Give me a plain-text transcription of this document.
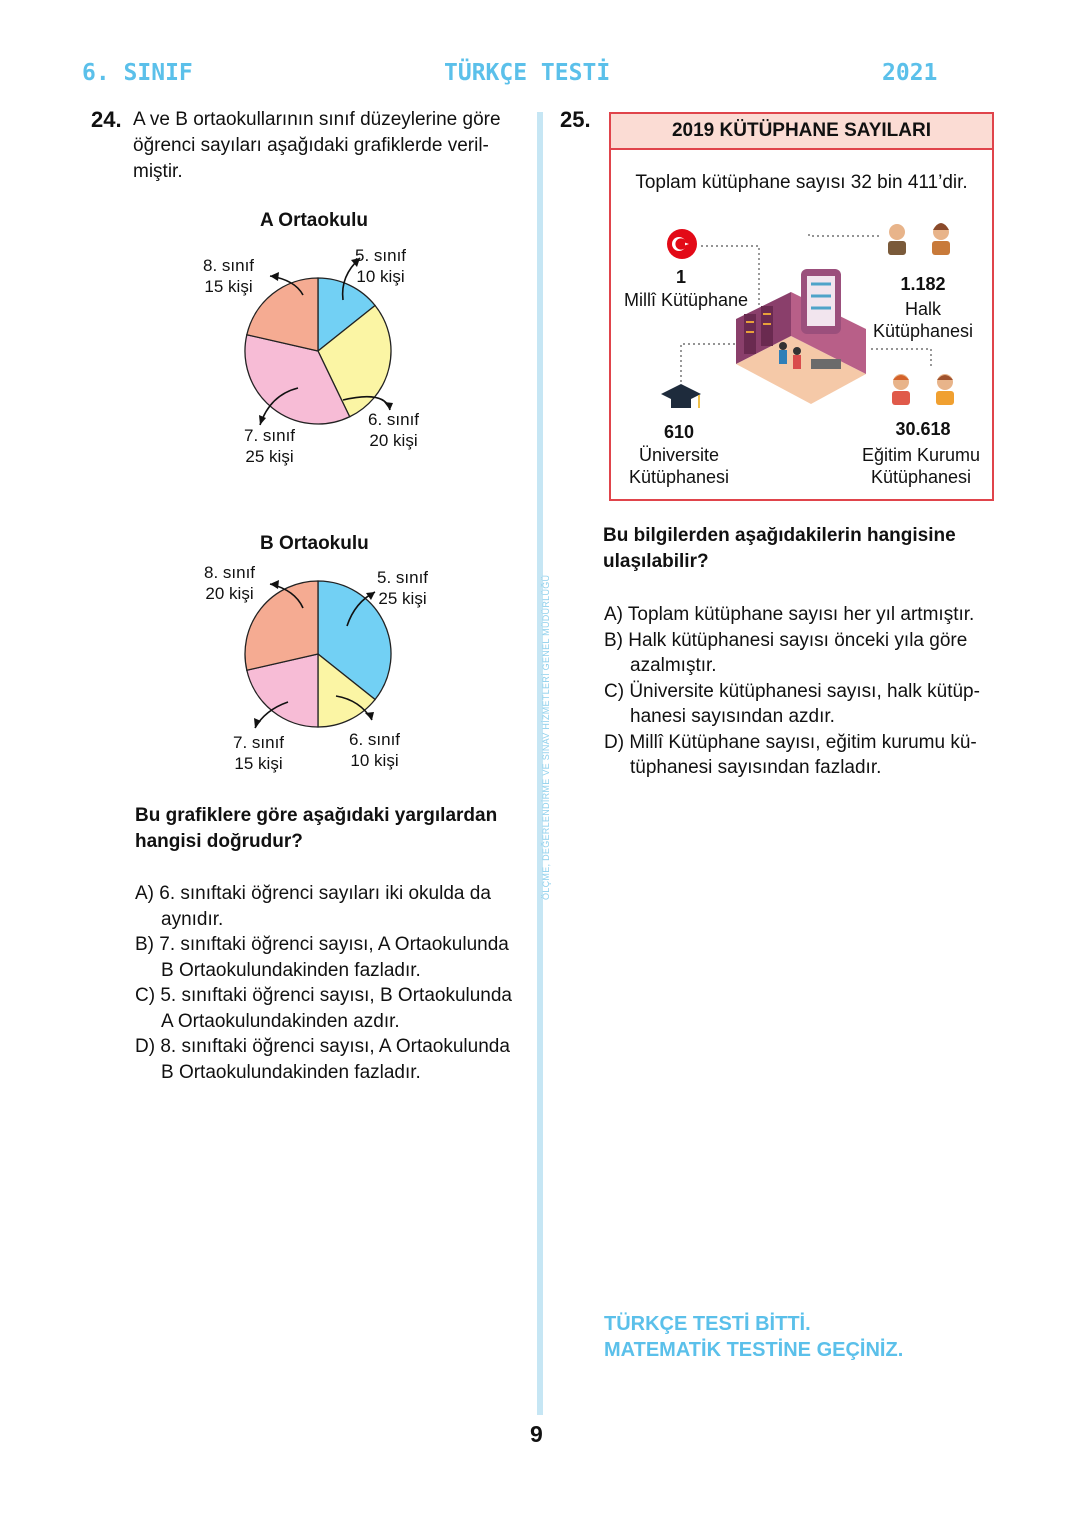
6. SINIF	TÜRKÇE TESTİ	2021
ÖLÇME, DEĞERLENDİRME VE SINAV HİZMETLERİ GENEL MÜDÜRLÜĞÜ
24. A ve B ortaokullarının sınıf düzeylerine göre
öğrenci sayıları aşağıdaki grafiklerde veril-
miştir.
A Ortaokulu
5. sınıf
10 kişi
6. sınıf
20 kişi
7. sınıf
25 kişi
8. sınıf
15 kişi
B Ortaokulu
5. sınıf
25 kişi
6. sınıf
10 kişi
7. sınıf
15 kişi
8. sınıf
20 kişi
Bu grafiklere göre aşağıdaki yargılardan
hangisi doğrudur?
A) 6. sınıftaki öğrenci sayıları iki okulda da
aynıdır.
B) 7. sınıftaki öğrenci sayısı, A Ortaokulunda
B Ortaokulundakinden fazladır.
C) 5. sınıftaki öğrenci sayısı, B Ortaokulunda
A Ortaokulundakinden azdır.
D) 8. sınıftaki öğrenci sayısı, A Ortaokulunda
B Ortaokulundakinden fazladır.
25.	2019 KÜTÜPHANE SAYILARI
Toplam kütüphane sayısı 32 bin 411’dir.
1
Millî Kütüphane
1.182
Halk
Kütüphanesi
610
Üniversite
Kütüphanesi
30.618
Eğitim Kurumu
Kütüphanesi
Bu bilgilerden aşağıdakilerin hangisine
ulaşılabilir?
A) Toplam kütüphane sayısı her yıl artmıştır.
B) Halk kütüphanesi sayısı önceki yıla göre
azalmıştır.
C) Üniversite kütüphanesi sayısı, halk kütüp-
hanesi sayısından azdır.
D) Millî Kütüphane sayısı, eğitim kurumu kü-
tüphanesi sayısından fazladır.
TÜRKÇE TESTİ BİTTİ.
MATEMATİK TESTİNE GEÇİNİZ.
9
